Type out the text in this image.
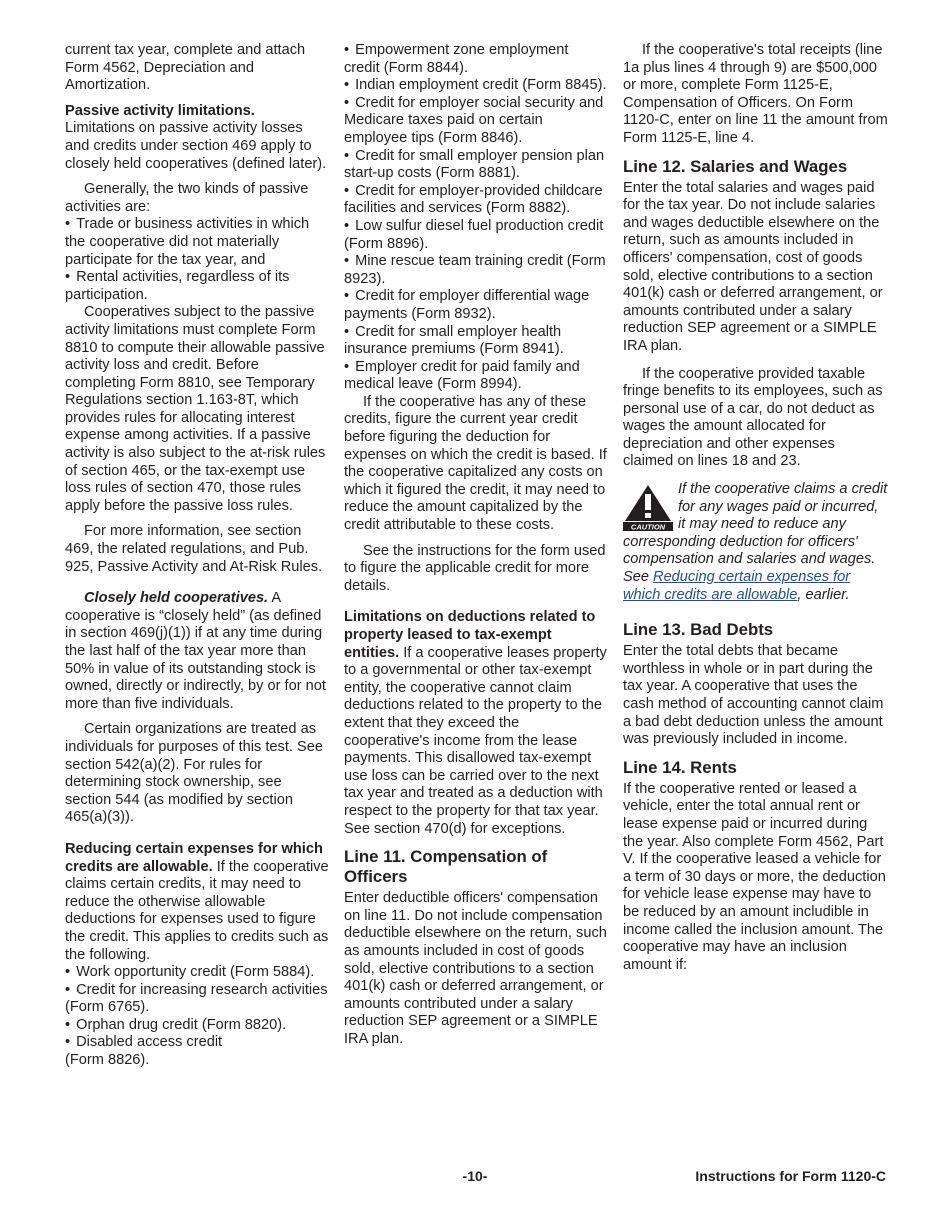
current tax year, complete and attach Form 4562, Depreciation and Amortization.

Passive activity limitations.
Limitations on passive activity losses and credits under section 469 apply to closely held cooperatives (defined later).

Generally, the two kinds of passive activities are:
• Trade or business activities in which the cooperative did not materially participate for the tax year, and

• Rental activities, regardless of its participation.

Cooperatives subject to the passive activity limitations must complete Form 8810 to compute their allowable passive activity loss and credit. Before completing Form 8810, see Temporary Regulations section 1.163-8T, which provides rules for allocating interest expense among activities. If a passive activity is also subject to the at-risk rules of section 465, or the tax-exempt use loss rules of section 470, those rules apply before the passive loss rules.

For more information, see section 469, the related regulations, and Pub. 925, Passive Activity and At-Risk Rules.

Closely held cooperatives. A cooperative is “closely held” (as defined in section 469(j)(1)) if at any time during the last half of the tax year more than 50% in value of its outstanding stock is owned, directly or indirectly, by or for not more than five individuals.

Certain organizations are treated as individuals for purposes of this test. See section 542(a)(2). For rules for determining stock ownership, see section 544 (as modified by section 465(a)(3)).

Reducing certain expenses for which credits are allowable. If the cooperative claims certain credits, it may need to reduce the otherwise allowable deductions for expenses used to figure the credit. This applies to credits such as the following.
• Work opportunity credit (Form 5884).
• Credit for increasing research activities (Form 6765).
• Orphan drug credit (Form 8820).
• Disabled access credit (Form 8826).
• Empowerment zone employment credit (Form 8844).
• Indian employment credit (Form 8845).
• Credit for employer social security and Medicare taxes paid on certain employee tips (Form 8846).
• Credit for small employer pension plan start-up costs (Form 8881).
• Credit for employer-provided childcare facilities and services (Form 8882).
• Low sulfur diesel fuel production credit (Form 8896).
• Mine rescue team training credit (Form 8923).
• Credit for employer differential wage payments (Form 8932).
• Credit for small employer health insurance premiums (Form 8941).

• Employer credit for paid family and medical leave (Form 8994).

If the cooperative has any of these credits, figure the current year credit before figuring the deduction for expenses on which the credit is based. If the cooperative capitalized any costs on which it figured the credit, it may need to reduce the amount capitalized by the credit attributable to these costs.

See the instructions for the form used to figure the applicable credit for more details.

Limitations on deductions related to property leased to tax-exempt entities. If a cooperative leases property to a governmental or other tax-exempt entity, the cooperative cannot claim deductions related to the property to the extent that they exceed the cooperative's income from the lease payments. This disallowed tax-exempt use loss can be carried over to the next tax year and treated as a deduction with respect to the property for that tax year. See section 470(d) for exceptions.

Line 11. Compensation of Officers

Enter deductible officers' compensation on line 11. Do not include compensation deductible elsewhere on the return, such as amounts included in cost of goods sold, elective contributions to a section 401(k) cash or deferred arrangement, or amounts contributed under a salary reduction SEP agreement or a SIMPLE IRA plan.

If the cooperative's total receipts (line 1a plus lines 4 through 9) are $500,000 or more, complete Form 1125-E, Compensation of Officers. On Form 1120-C, enter on line 11 the amount from Form 1125-E, line 4.

Line 12. Salaries and Wages

Enter the total salaries and wages paid for the tax year. Do not include salaries and wages deductible elsewhere on the return, such as amounts included in officers' compensation, cost of goods sold, elective contributions to a section 401(k) cash or deferred arrangement, or amounts contributed under a salary reduction SEP agreement or a SIMPLE IRA plan.

If the cooperative provided taxable fringe benefits to its employees, such as personal use of a car, do not deduct as wages the amount allocated for depreciation and other expenses claimed on lines 18 and 23.

CAUTION
If the cooperative claims a credit for any wages paid or incurred, it may need to reduce any corresponding deduction for officers' compensation and salaries and wages. See Reducing certain expenses for which credits are allowable, earlier.
Line 13. Bad Debts

Enter the total debts that became worthless in whole or in part during the tax year. A cooperative that uses the cash method of accounting cannot claim a bad debt deduction unless the amount was previously included in income.

Line 14. Rents

If the cooperative rented or leased a vehicle, enter the total annual rent or lease expense paid or incurred during the year. Also complete Form 4562, Part V. If the cooperative leased a vehicle for a term of 30 days or more, the deduction for vehicle lease expense may have to be reduced by an amount includible in income called the inclusion amount. The cooperative may have an inclusion amount if:

-10-	Instructions for Form 1120-C
